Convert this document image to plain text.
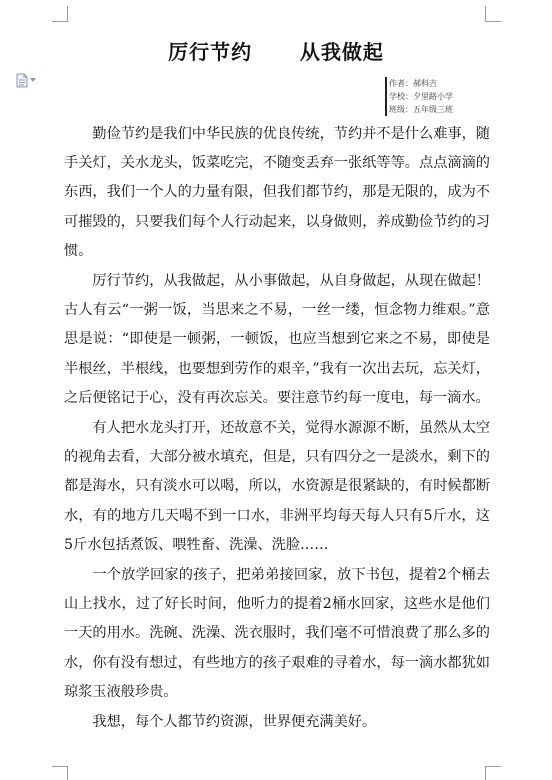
厉行节约      从我做起
作者：郝科吉
学校：夕里路小学
班级：五年级三班

勤俭节约是我们中华民族的优良传统，节约并不是什么难事，随手关灯，关水龙头，饭菜吃完，不随变丢弃一张纸等等。点点滴滴的东西，我们一个人的力量有限，但我们都节约，那是无限的，成为不可摧毁的，只要我们每个人行动起来，以身做则，养成勤俭节约的习惯。

厉行节约，从我做起，从小事做起，从自身做起，从现在做起！古人有云“一粥一饭，当思来之不易，一丝一缕，恒念物力维艰。”意思是说：“即使是一顿粥，一顿饭，也应当想到它来之不易，即使是半根丝，半根线，也要想到劳作的艰辛，”我有一次出去玩，忘关灯，之后便铭记于心，没有再次忘关。要注意节约每一度电，每一滴水。

有人把水龙头打开，还故意不关，觉得水源源不断，虽然从太空的视角去看，大部分被水填充，但是，只有四分之一是淡水，剩下的都是海水，只有淡水可以喝，所以，水资源是很紧缺的，有时候都断水，有的地方几天喝不到一口水，非洲平均每天每人只有5斤水，这5斤水包括煮饭、喂牲畜、洗澡、洗脸……

一个放学回家的孩子，把弟弟接回家，放下书包，提着2个桶去山上找水，过了好长时间，他听力的提着2桶水回家，这些水是他们一天的用水。洗碗、洗澡、洗衣服时，我们毫不可惜浪费了那么多的水，你有没有想过，有些地方的孩子艰难的寻着水，每一滴水都犹如琼浆玉液般珍贵。

我想，每个人都节约资源，世界便充满美好。
